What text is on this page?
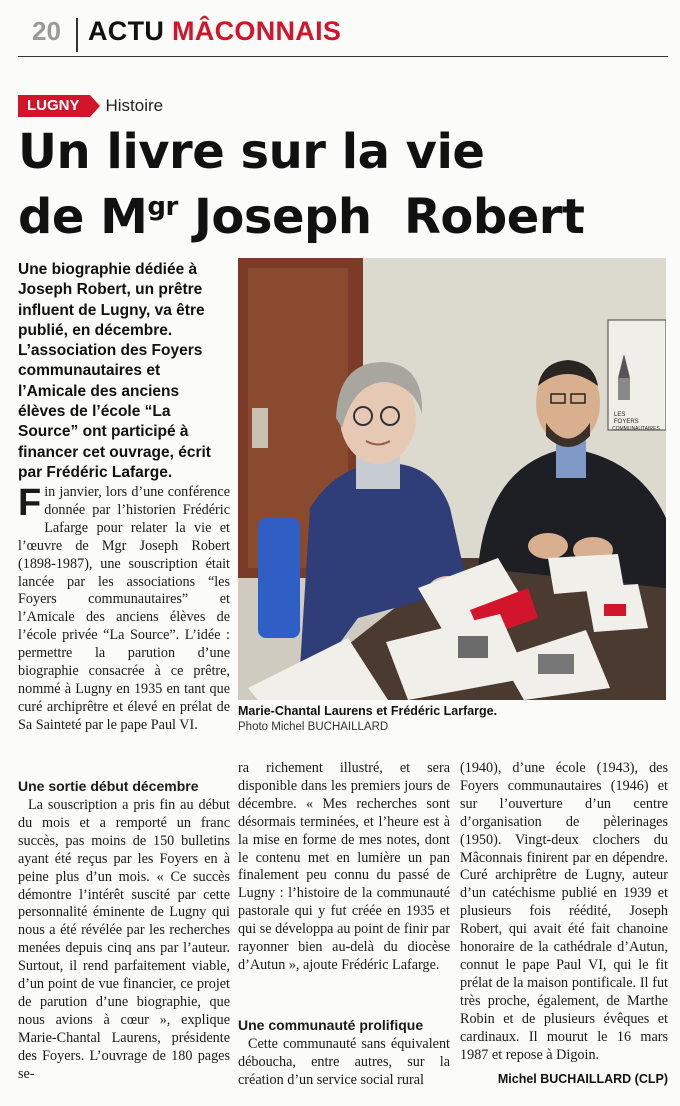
20 ACTU MÂCONNAIS
LUGNY	Histoire
Un livre sur la vie
de $M^{gr}$ Joseph  Robert
Une biographie dédiée à Joseph Robert, un prêtre influent de Lugny, va être publié, en décembre. L’association des Foyers communautaires et l’Amicale des anciens élèves de l’école “La Source” ont participé à financer cet ouvrage, écrit par Frédéric Lafarge.
LES
FOYERS
COMMUNAUTAIRES
Marie-Chantal Laurens et Frédéric Larfarge.
Photo Michel BUCHAILLARD
Fin janvier, lors d’une conférence donnée par l’historien Frédéric Lafarge pour relater la vie et l’œuvre de Mgr Joseph Robert (1898-1987), une souscription était lancée par les associations “les Foyers communautaires” et l’Amicale des anciens élèves de l’école privée “La Source”. L’idée : permettre la parution d’une biographie consacrée à ce prêtre, nommé à Lugny en 1935 en tant que curé archiprêtre et élevé en prélat de Sa Sainteté par le pape Paul VI.
Une sortie début décembre

La souscription a pris fin au début du mois et a remporté un franc succès, pas moins de 150 bulletins ayant été reçus par les Foyers en à peine plus d’un mois. « Ce succès démontre l’intérêt suscité par cette personnalité éminente de Lugny qui nous a été révélée par les recherches menées depuis cinq ans par l’auteur. Surtout, il rend parfaitement viable, d’un point de vue financier, ce projet de parution d’une biographie, que nous avions à cœur », explique Marie-Chantal Laurens, présidente des Foyers. L’ouvrage de 180 pages se-

ra richement illustré, et sera disponible dans les premiers jours de décembre. « Mes recherches sont désormais terminées, et l’heure est à la mise en forme de mes notes, dont le contenu met en lumière un pan finalement peu connu du passé de Lugny : l’histoire de la communauté pastorale qui y fut créée en 1935 et qui se développa au point de finir par rayonner bien au-delà du diocèse d’Autun », ajoute Frédéric Lafarge.

Une communauté prolifique

Cette communauté sans équivalent déboucha, entre autres, sur la création d’un service social rural

(1940), d’une école (1943), des Foyers communautaires (1946) et sur l’ouverture d’un centre d’organisation de pèlerinages (1950). Vingt-deux clochers du Mâconnais finirent par en dépendre. Curé archiprêtre de Lugny, auteur d’un catéchisme publié en 1939 et plusieurs fois réédité, Joseph Robert, qui avait été fait chanoine honoraire de la cathédrale d’Autun, connut le pape Paul VI, qui le fit prélat de la maison pontificale. Il fut très proche, également, de Marthe Robin et de plusieurs évêques et cardinaux. Il mourut le 16 mars 1987 et repose à Digoin.

Michel BUCHAILLARD (CLP)
